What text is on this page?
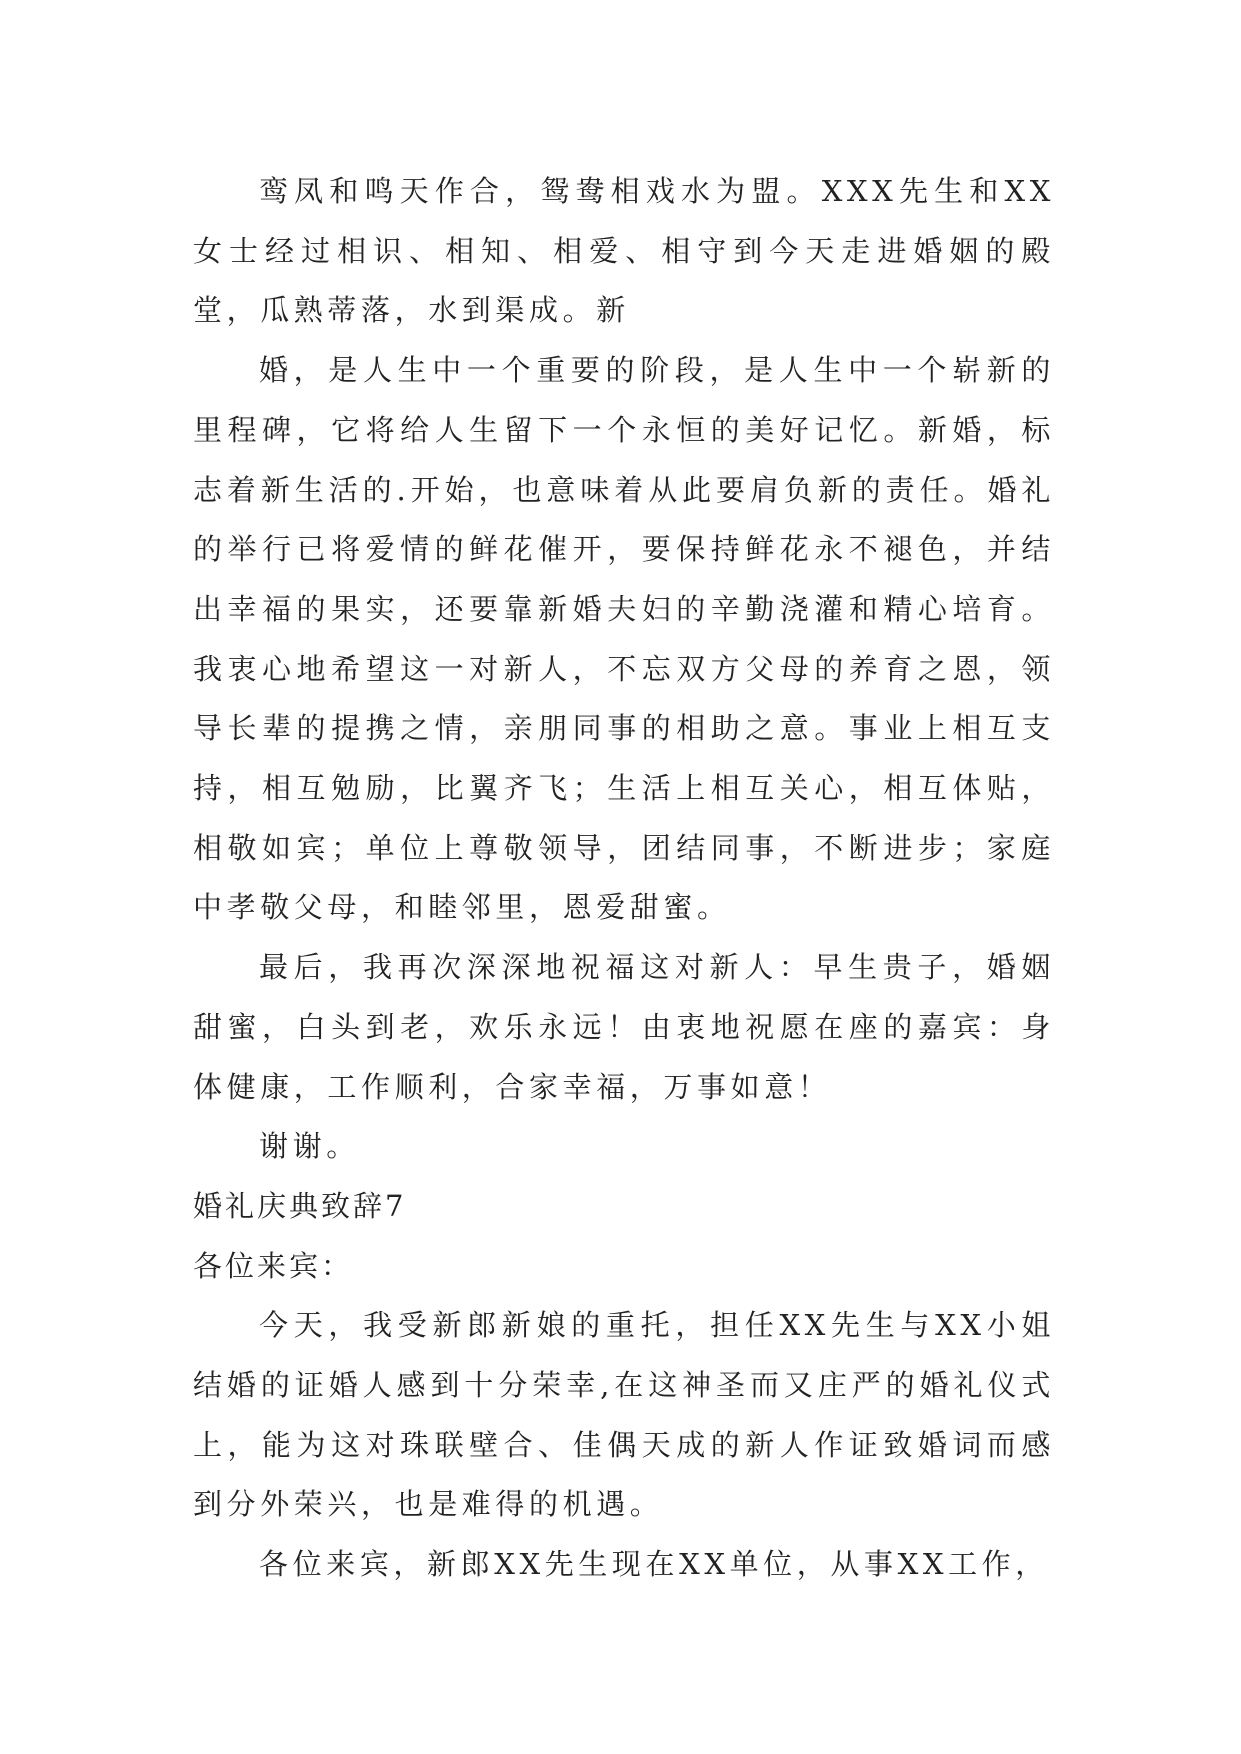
鸾凤和鸣天作合，鸳鸯相戏水为盟。XXX先生和XX女士经过相识、相知、相爱、相守到今天走进婚姻的殿堂，瓜熟蒂落，水到渠成。新

婚，是人生中一个重要的阶段，是人生中一个崭新的里程碑，它将给人生留下一个永恒的美好记忆。新婚，标志着新生活的.开始，也意味着从此要肩负新的责任。婚礼的举行已将爱情的鲜花催开，要保持鲜花永不褪色，并结出幸福的果实，还要靠新婚夫妇的辛勤浇灌和精心培育。我衷心地希望这一对新人，不忘双方父母的养育之恩，领导长辈的提携之情，亲朋同事的相助之意。事业上相互支持，相互勉励，比翼齐飞；生活上相互关心，相互体贴，相敬如宾；单位上尊敬领导，团结同事，不断进步；家庭中孝敬父母，和睦邻里，恩爱甜蜜。

最后，我再次深深地祝福这对新人：早生贵子，婚姻甜蜜，白头到老，欢乐永远！由衷地祝愿在座的嘉宾：身体健康，工作顺利，合家幸福，万事如意！

谢谢。

婚礼庆典致辞7

各位来宾：

今天，我受新郎新娘的重托，担任XX先生与XX小姐结婚的证婚人感到十分荣幸,在这神圣而又庄严的婚礼仪式上，能为这对珠联壁合、佳偶天成的新人作证致婚词而感到分外荣兴，也是难得的机遇。

各位来宾，新郎XX先生现在XX单位，从事XX工作，
